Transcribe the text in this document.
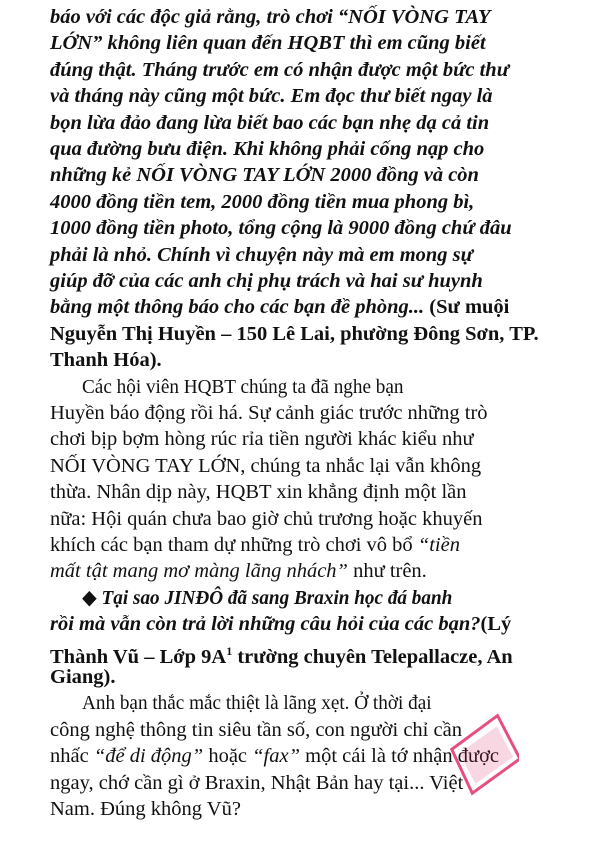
báo với các độc giả rằng, trò chơi “NỐI VÒNG TAY
LỚN” không liên quan đến HQBT thì em cũng biết
đúng thật. Tháng trước em có nhận được một bức thư
và tháng này cũng một bức. Em đọc thư biết ngay là
bọn lừa đảo đang lừa biết bao các bạn nhẹ dạ cả tin
qua đường bưu điện. Khi không phải cống nạp cho
những kẻ NỐI VÒNG TAY LỚN 2000 đồng và còn
4000 đồng tiền tem, 2000 đồng tiền mua phong bì,
1000 đồng tiền photo, tổng cộng là 9000 đồng chứ đâu
phải là nhỏ. Chính vì chuyện này mà em mong sự
giúp đỡ của các anh chị phụ trách và hai sư huynh
bằng một thông báo cho các bạn đề phòng... (Sư muội
Nguyễn Thị Huyền – 150 Lê Lai, phường Đông Sơn, TP.
Thanh Hóa).
Các hội viên HQBT chúng ta đã nghe bạn
Huyền báo động rồi há. Sự cảnh giác trước những trò
chơi bịp bợm hòng rúc rỉa tiền người khác kiểu như
NỐI VÒNG TAY LỚN, chúng ta nhắc lại vẫn không
thừa. Nhân dịp này, HQBT xin khẳng định một lần
nữa: Hội quán chưa bao giờ chủ trương hoặc khuyến
khích các bạn tham dự những trò chơi vô bổ “tiền
mất tật mang mơ màng lãng nhách” như trên.
◆ Tại sao JINĐÔ đã sang Braxin học đá banh
rồi mà vẫn còn trả lời những câu hỏi của các bạn?(Lý
Thành Vũ – Lớp $9A^1$ trường chuyên Telepallacze, An
Giang).
Anh bạn thắc mắc thiệt là lãng xẹt. Ở thời đại
công nghệ thông tin siêu tần số, con người chỉ cần
nhấc “để di động” hoặc “fax” một cái là tớ nhận được
ngay, chớ cần gì ở Braxin, Nhật Bản hay tại... Việt
Nam. Đúng không Vũ?
